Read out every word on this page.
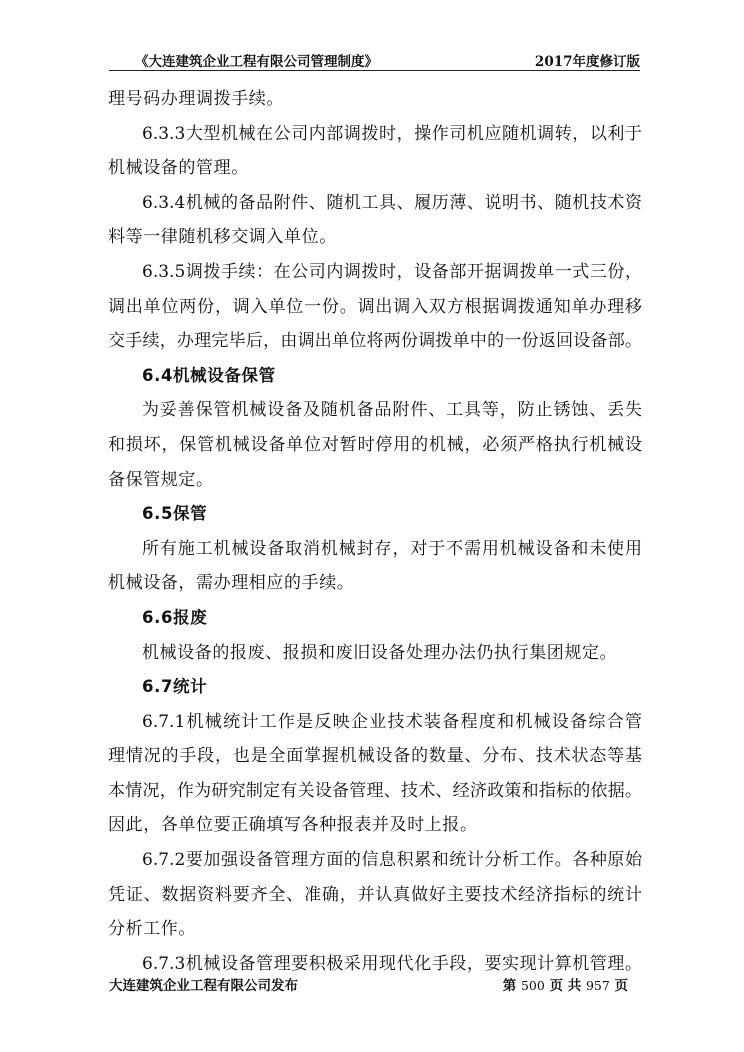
《大连建筑企业工程有限公司管理制度》	2017年度修订版
理号码办理调拨手续。
6.3.3大型机械在公司内部调拨时，操作司机应随机调转，以利于
机械设备的管理。
6.3.4机械的备品附件、随机工具、履历薄、说明书、随机技术资
料等一律随机移交调入单位。
6.3.5调拨手续：在公司内调拨时，设备部开据调拨单一式三份，
调出单位两份，调入单位一份。调出调入双方根据调拨通知单办理移
交手续，办理完毕后，由调出单位将两份调拨单中的一份返回设备部。
6.4机械设备保管
为妥善保管机械设备及随机备品附件、工具等，防止锈蚀、丢失
和损坏，保管机械设备单位对暂时停用的机械，必须严格执行机械设
备保管规定。
6.5保管
所有施工机械设备取消机械封存，对于不需用机械设备和未使用
机械设备，需办理相应的手续。
6.6报废
机械设备的报废、报损和废旧设备处理办法仍执行集团规定。
6.7统计
6.7.1机械统计工作是反映企业技术装备程度和机械设备综合管
理情况的手段，也是全面掌握机械设备的数量、分布、技术状态等基
本情况，作为研究制定有关设备管理、技术、经济政策和指标的依据。
因此，各单位要正确填写各种报表并及时上报。
6.7.2要加强设备管理方面的信息积累和统计分析工作。各种原始
凭证、数据资料要齐全、准确，并认真做好主要技术经济指标的统计
分析工作。
6.7.3机械设备管理要积极采用现代化手段，要实现计算机管理。
大连建筑企业工程有限公司发布	第 500 页 共 957 页
